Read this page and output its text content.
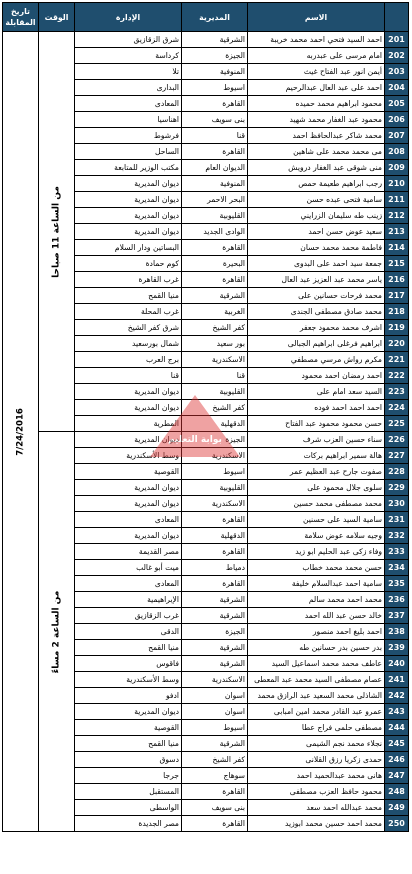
	الاسم	المديرية	الإدارة	الوقت	تاريخ المقابلة
201	احمد السيد فتحي احمد محمد خريبة	الشرقية	شرق الزقازيق	من الساعة 11 صباحا	7/24/2016

202	امام مرسى على عبدربه	الجيزة	كرداسة		
203	أيمن انور عبد الفتاح غيث	المنوفية	تلا		
204	احمد على عبد العال عبدالرحيم	اسيوط	البدارى		
205	محمود ابراهيم محمد حميده	القاهرة	المعادى		
206	محمود عبد الغفار محمد شهيد	بنى سويف	اهناسيا		
207	محمد شاكر عبدالحافظ احمد	قنا	فرشوط		
208	مى محمد محمد على شاهين	القاهرة	الساحل		
209	منى شوقى عبد الغفار درويش	الديوان العام	مكتب الوزير للمتابعة		
210	رجب ابراهيم طعيمة حمص	المنوفية	ديوان المديرية		
211	سامية فتحى عبده حسن	البحر الاحمر	ديوان المديرية		
212	زينب طه سليمان الزرايني	القليوبية	ديوان المديرية		
213	سعيد عوض حسن احمد	الوادى الجديد	ديوان المديرية		
214	فاطمة محمد محمد حسان	القاهرة	البساتين ودار السلام		
215	جمعة سيد احمد على البدوى	البحيرة	كوم حمادة		
216	ياسر محمد عبد العزيز عبد العال	القاهرة	غرب القاهرة		
217	محمد فرحات حسانين على	الشرقية	منيا القمح		
218	محمد صادق مصطفى الجندى	الغربية	غرب المحلة		
219	اشرف محمد محمود جعفر	كفر الشيخ	شرق كفر الشيخ		
220	ابراهيم فرغلى ابراهيم الجبالى	بور سعيد	شمال بورسعيد		
221	مكرم رواش مرسي مصطفي	الاسكندرية	برج العرب		
222	احمد رمضان احمد محمود	قنا	قنا		
223	السيد سعد امام على	القليوبية	ديوان المديرية		
224	احمد احمد احمد فوده	كفر الشيخ	ديوان المديرية		
225	حسن محمود محمود عبد الفتاح	الدقهلية	المطرية		
226	سناء حسين العزب شرف	الجيزة	ديوان المديرية	من الساعة 2 مساءً	

227	هالة سمير ابراهيم بركات	الاسكندرية	وسط الأسكندرية		
228	صفوت جارح عبد العظيم عمر	اسيوط	القوصية		
229	سلوى جلال محمود على	القليوبية	ديوان المديرية		
230	محمد مصطفى محمد حسين	الاسكندرية	ديوان المديرية		
231	سامية السيد على حسنين	القاهرة	المعادى		
232	وجيه سلامه عوض سلامة	الدقهلية	ديوان المديرية		
233	وفاء زكى عبد الحليم ابو زيد	القاهرة	مصر القديمة		
234	حسن محمد محمد خطاب	دمياط	ميت أبو غالب		
235	سامية احمد عبدالسلام خليفة	القاهرة	المعادى		
236	محمد احمد محمد سالم	الشرقية	الإبراهيمية		
237	خالد حسن عبد الله احمد	الشرقية	غرب الزقازيق		
238	احمد بليغ احمد منصور	الجيزة	الدقى		
239	بدر حسين بدر حسانين طه	الشرقية	منيا القمح		
240	عاطف محمد محمد اسماعيل السيد	الشرقية	فاقوس		
241	عصام مصطفى السيد محمد عبد المعطى	الاسكندرية	وسط الأسكندرية		
242	الشاذلى محمد السعيد عبد الرازق محمد	اسوان	ادفو		
243	عمرو عبد القادر محمد امين امبابى	اسوان	ديوان المديرية		
244	مصطفى حلمى فراج عطا	اسيوط	القوصية		
245	نجلاء محمد نجم الشيمى	الشرقية	منيا القمح		
246	حمدى زكريا رزق القلانى	كفر الشيخ	دسوق		
247	هانى محمد عبدالحميد احمد	سوهاج	جرجا		
248	محمود حافظ العزب مصطفى	القاهرة	المستقبل		
249	محمد عبدالله احمد سعد	بنى سويف	الواسطى		
250	محمد احمد حسين محمد ابوزيد	القاهرة	مصر الجديدة		
بوابة التعليم
